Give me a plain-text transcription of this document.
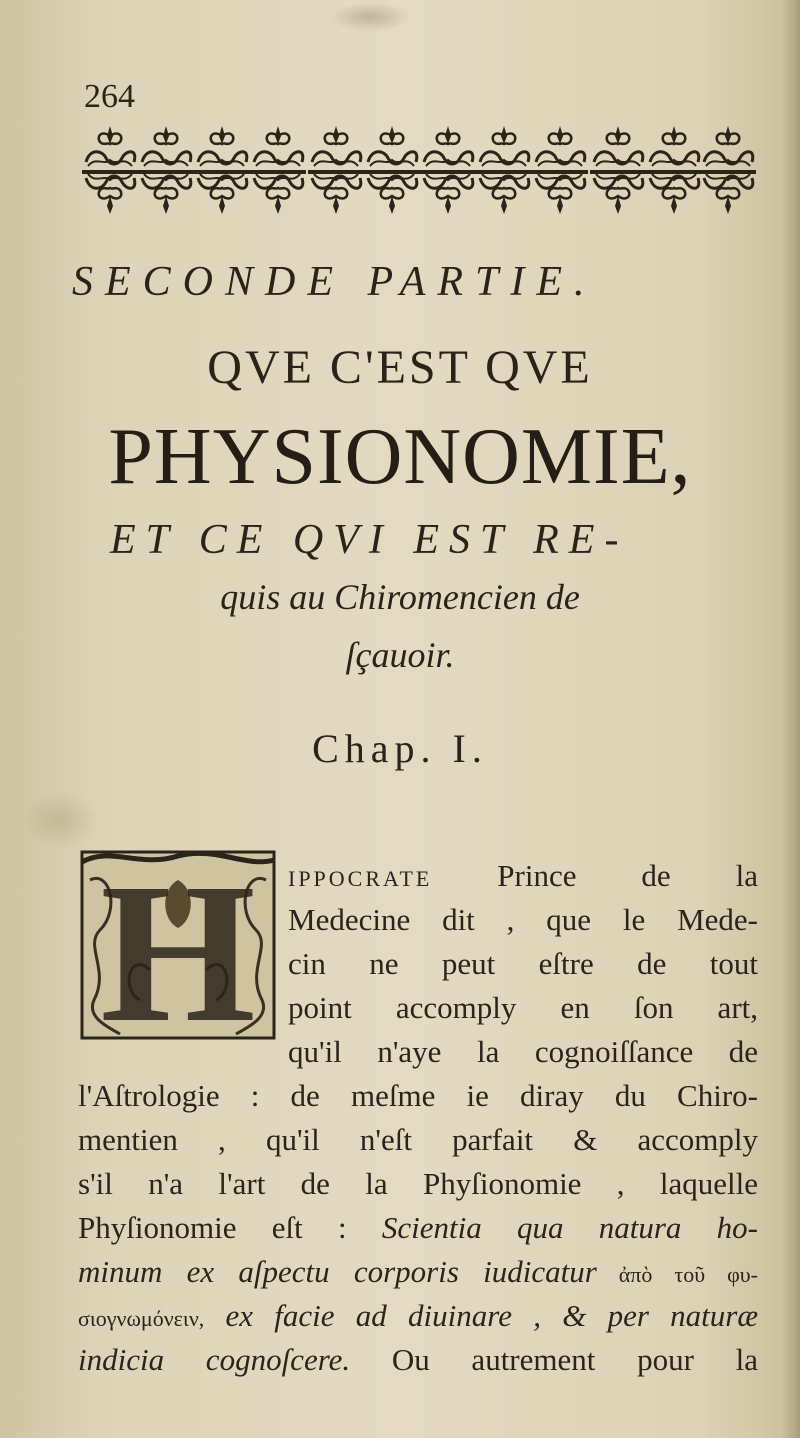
264
SECONDE PARTIE.
QVE C'EST QVE
PHYSIONOMIE,
ET CE QVI EST RE-
quis au Chiromencien de
ſçauoir.
Chap. I.
H ippocrate Prince de la
Medecine dit , que le Mede-
cin ne peut eſtre de tout
point accomply en ſon art,
qu'il n'aye la cognoiſſance de
l'Aſtrologie : de meſme ie diray du Chiro-
mentien , qu'il n'eſt parfait & accomply
s'il n'a l'art de la Phyſionomie , laquelle
Phyſionomie eſt : Scientia qua natura ho-
minum ex aſpectu corporis iudicatur ἀπὸ τοῦ φυ-
σιογνωμόνειν, ex facie ad diuinare , & per naturæ
indicia cognoſcere. Ou autrement pour la
